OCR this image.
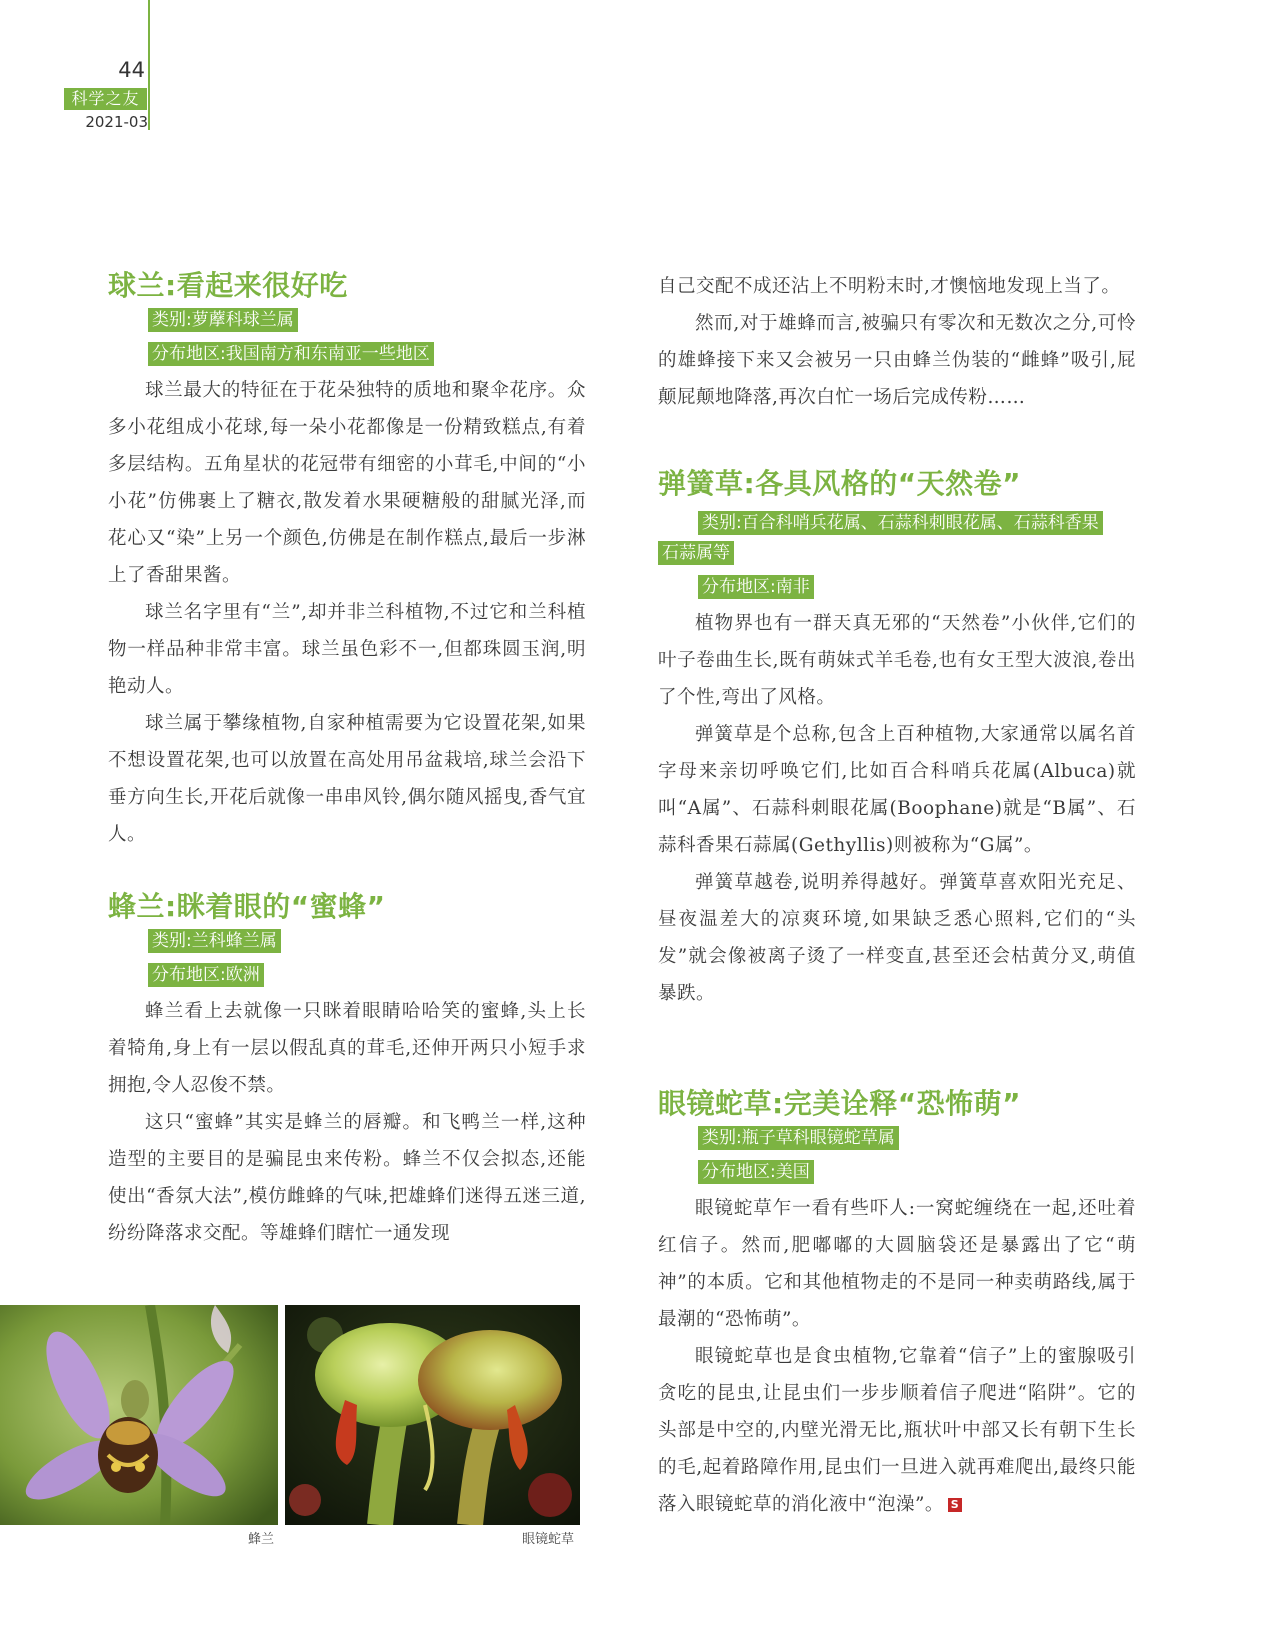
44
科学之友
2021-03
球兰:看起来很好吃
类别:萝藦科球兰属
分布地区:我国南方和东南亚一些地区

球兰最大的特征在于花朵独特的质地和聚伞花序。众多小花组成小花球,每一朵小花都像是一份精致糕点,有着多层结构。五角星状的花冠带有细密的小茸毛,中间的“小小花”仿佛裹上了糖衣,散发着水果硬糖般的甜腻光泽,而花心又“染”上另一个颜色,仿佛是在制作糕点,最后一步淋上了香甜果酱。

球兰名字里有“兰”,却并非兰科植物,不过它和兰科植物一样品种非常丰富。球兰虽色彩不一,但都珠圆玉润,明艳动人。

球兰属于攀缘植物,自家种植需要为它设置花架,如果不想设置花架,也可以放置在高处用吊盆栽培,球兰会沿下垂方向生长,开花后就像一串串风铃,偶尔随风摇曳,香气宜人。

蜂兰:眯着眼的“蜜蜂”
类别:兰科蜂兰属
分布地区:欧洲

蜂兰看上去就像一只眯着眼睛哈哈笑的蜜蜂,头上长着犄角,身上有一层以假乱真的茸毛,还伸开两只小短手求拥抱,令人忍俊不禁。

这只“蜜蜂”其实是蜂兰的唇瓣。和飞鸭兰一样,这种造型的主要目的是骗昆虫来传粉。蜂兰不仅会拟态,还能使出“香氛大法”,模仿雌蜂的气味,把雄蜂们迷得五迷三道,纷纷降落求交配。等雄蜂们瞎忙一通发现

自己交配不成还沾上不明粉末时,才懊恼地发现上当了。

然而,对于雄蜂而言,被骗只有零次和无数次之分,可怜的雄蜂接下来又会被另一只由蜂兰伪装的“雌蜂”吸引,屁颠屁颠地降落,再次白忙一场后完成传粉……

弹簧草:各具风格的“天然卷”
类别:百合科哨兵花属、石蒜科刺眼花属、石蒜科香果
石蒜属等
分布地区:南非

植物界也有一群天真无邪的“天然卷”小伙伴,它们的叶子卷曲生长,既有萌妹式羊毛卷,也有女王型大波浪,卷出了个性,弯出了风格。

弹簧草是个总称,包含上百种植物,大家通常以属名首字母来亲切呼唤它们,比如百合科哨兵花属(Albuca)就叫“A属”、石蒜科刺眼花属(Boophane)就是“B属”、石蒜科香果石蒜属(Gethyllis)则被称为“G属”。

弹簧草越卷,说明养得越好。弹簧草喜欢阳光充足、昼夜温差大的凉爽环境,如果缺乏悉心照料,它们的“头发”就会像被离子烫了一样变直,甚至还会枯黄分叉,萌值暴跌。

眼镜蛇草:完美诠释“恐怖萌”
类别:瓶子草科眼镜蛇草属
分布地区:美国

眼镜蛇草乍一看有些吓人:一窝蛇缠绕在一起,还吐着红信子。然而,肥嘟嘟的大圆脑袋还是暴露出了它“萌神”的本质。它和其他植物走的不是同一种卖萌路线,属于最潮的“恐怖萌”。

眼镜蛇草也是食虫植物,它靠着“信子”上的蜜腺吸引贪吃的昆虫,让昆虫们一步步顺着信子爬进“陷阱”。它的头部是中空的,内壁光滑无比,瓶状叶中部又长有朝下生长的毛,起着路障作用,昆虫们一旦进入就再难爬出,最终只能落入眼镜蛇草的消化液中“泡澡”。 S

蜂兰	眼镜蛇草
